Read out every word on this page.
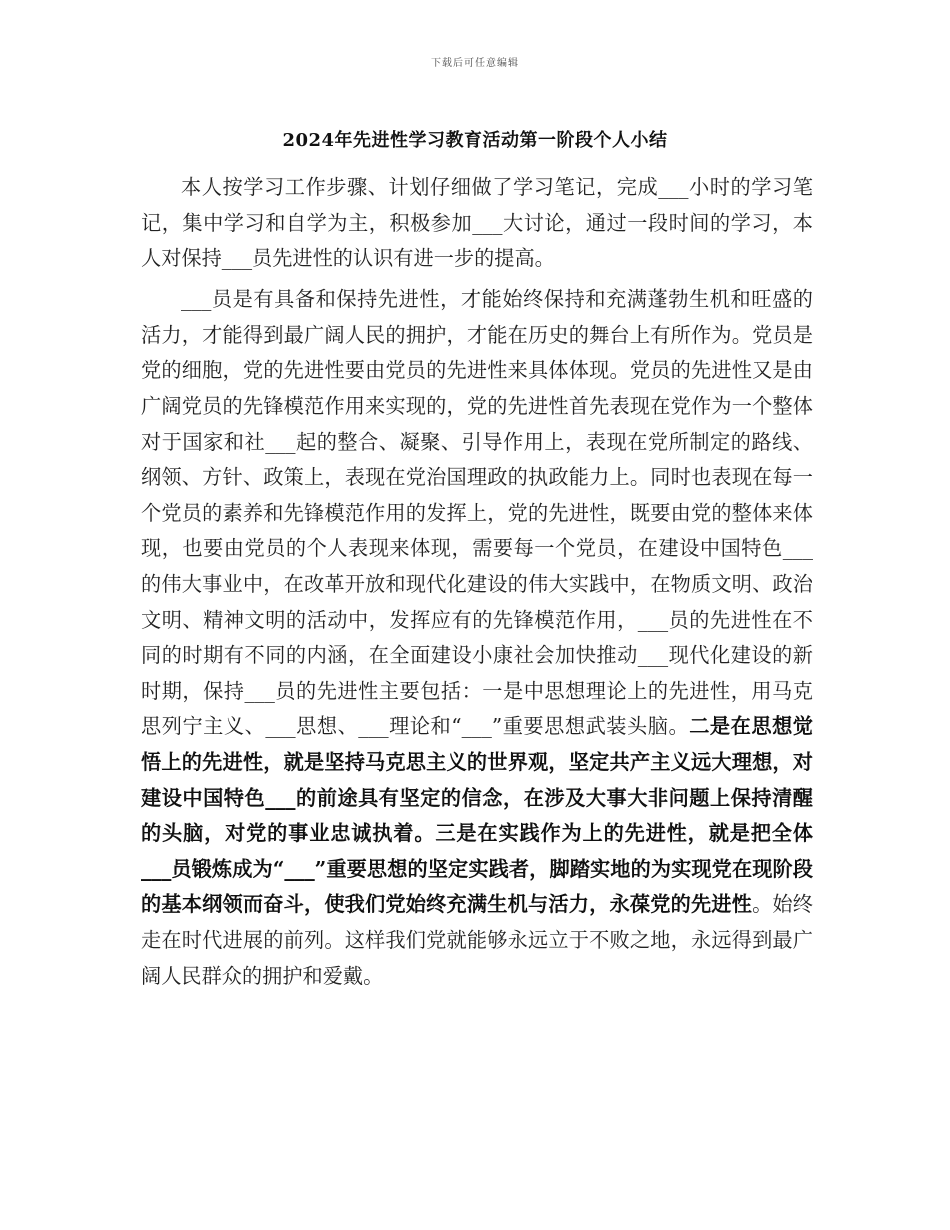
下载后可任意编辑
2024年先进性学习教育活动第一阶段个人小结

本人按学习工作步骤、计划仔细做了学习笔记，完成___小时的学习笔记，集中学习和自学为主，积极参加___大讨论，通过一段时间的学习，本人对保持___员先进性的认识有进一步的提高。

___员是有具备和保持先进性，才能始终保持和充满蓬勃生机和旺盛的活力，才能得到最广阔人民的拥护，才能在历史的舞台上有所作为。党员是党的细胞，党的先进性要由党员的先进性来具体体现。党员的先进性又是由广阔党员的先锋模范作用来实现的，党的先进性首先表现在党作为一个整体对于国家和社___起的整合、凝聚、引导作用上，表现在党所制定的路线、纲领、方针、政策上，表现在党治国理政的执政能力上。同时也表现在每一个党员的素养和先锋模范作用的发挥上，党的先进性，既要由党的整体来体现，也要由党员的个人表现来体现，需要每一个党员，在建设中国特色___的伟大事业中，在改革开放和现代化建设的伟大实践中，在物质文明、政治文明、精神文明的活动中，发挥应有的先锋模范作用，___员的先进性在不同的时期有不同的内涵，在全面建设小康社会加快推动___现代化建设的新时期，保持___员的先进性主要包括：一是中思想理论上的先进性，用马克思列宁主义、___思想、___理论和“___”重要思想武装头脑。二是在思想觉悟上的先进性，就是坚持马克思主义的世界观，坚定共产主义远大理想，对建设中国特色___的前途具有坚定的信念，在涉及大事大非问题上保持清醒的头脑，对党的事业忠诚执着。三是在实践作为上的先进性，就是把全体___员锻炼成为“___”重要思想的坚定实践者，脚踏实地的为实现党在现阶段的基本纲领而奋斗，使我们党始终充满生机与活力，永葆党的先进性。始终走在时代进展的前列。这样我们党就能够永远立于不败之地，永远得到最广阔人民群众的拥护和爱戴。
